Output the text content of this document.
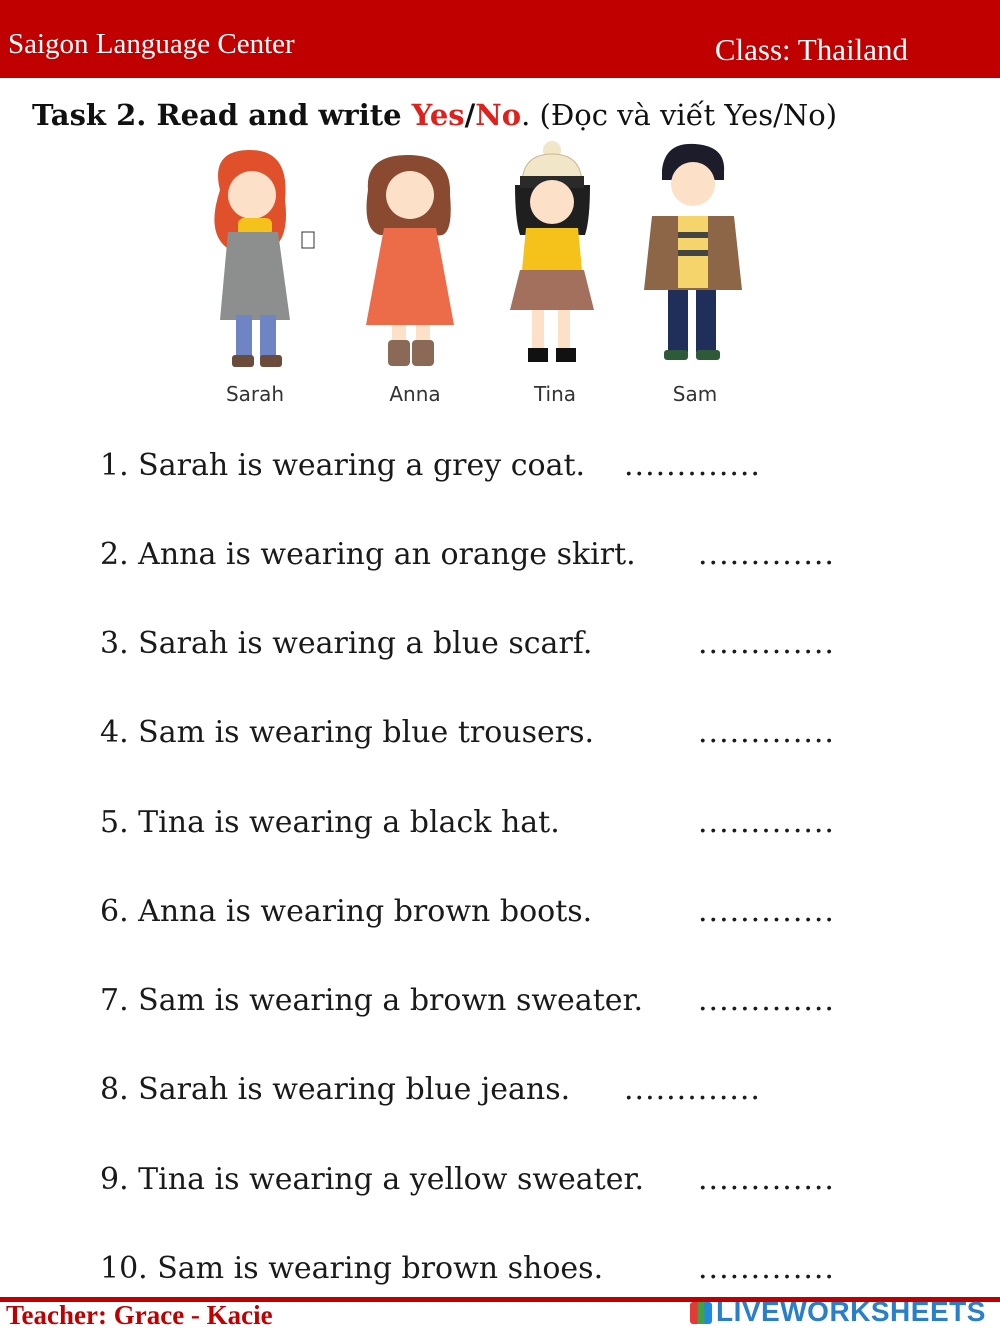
Saigon Language Center	Class: Thailand
Task 2. Read and write Yes/No. (Đọc và viết Yes/No)
Sarah	Anna	Tina	Sam
1. Sarah is wearing a grey coat. .............
2. Anna is wearing an orange skirt. .............
3. Sarah is wearing a blue scarf.	.............
4. Sam is wearing blue trousers.	.............
5. Tina is wearing a black hat.	.............
6. Anna is wearing brown boots.	.............
7. Sam is wearing a brown sweater. .............
8. Sarah is wearing blue jeans. .............
9. Tina is wearing a yellow sweater. .............
10. Sam is wearing brown shoes.	.............
Teacher: Grace - Kacie	LIVEWORKSHEETS
